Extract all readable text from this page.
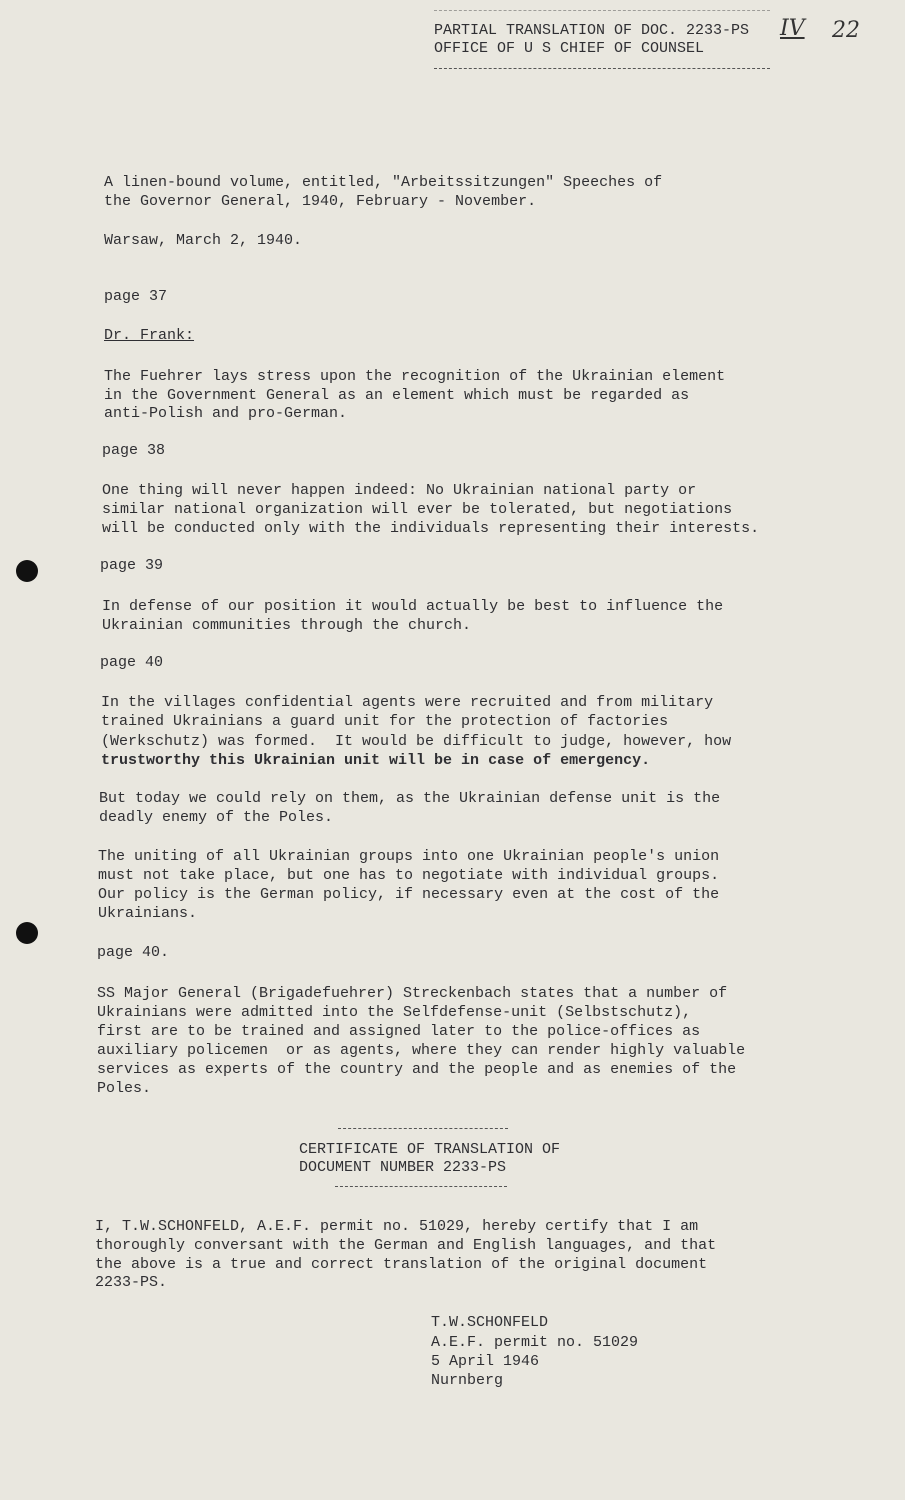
PARTIAL TRANSLATION OF DOC. 2233-PS IV 22
OFFICE OF U S CHIEF OF COUNSEL
A linen-bound volume, entitled, "Arbeitssitzungen" Speeches of
the Governor General, 1940, February - November.
Warsaw, March 2, 1940.
page 37
Dr. Frank:
The Fuehrer lays stress upon the recognition of the Ukrainian element
in the Government General as an element which must be regarded as
anti-Polish and pro-German.
page 38
One thing will never happen indeed: No Ukrainian national party or
similar national organization will ever be tolerated, but negotiations
will be conducted only with the individuals representing their interests.
page 39
In defense of our position it would actually be best to influence the
Ukrainian communities through the church.
page 40
In the villages confidential agents were recruited and from military
trained Ukrainians a guard unit for the protection of factories
(Werkschutz) was formed.  It would be difficult to judge, however, how
trustworthy this Ukrainian unit will be in case of emergency.
But today we could rely on them, as the Ukrainian defense unit is the
deadly enemy of the Poles.
The uniting of all Ukrainian groups into one Ukrainian people's union
must not take place, but one has to negotiate with individual groups.
Our policy is the German policy, if necessary even at the cost of the
Ukrainians.
page 40.
SS Major General (Brigadefuehrer) Streckenbach states that a number of
Ukrainians were admitted into the Selfdefense-unit (Selbstschutz),
first are to be trained and assigned later to the police-offices as
auxiliary policemen  or as agents, where they can render highly valuable
services as experts of the country and the people and as enemies of the
Poles.
CERTIFICATE OF TRANSLATION OF
DOCUMENT NUMBER 2233-PS
I, T.W.SCHONFELD, A.E.F. permit no. 51029, hereby certify that I am
thoroughly conversant with the German and English languages, and that
the above is a true and correct translation of the original document
2233-PS.
T.W.SCHONFELD
A.E.F. permit no. 51029
5 April 1946
Nurnberg
